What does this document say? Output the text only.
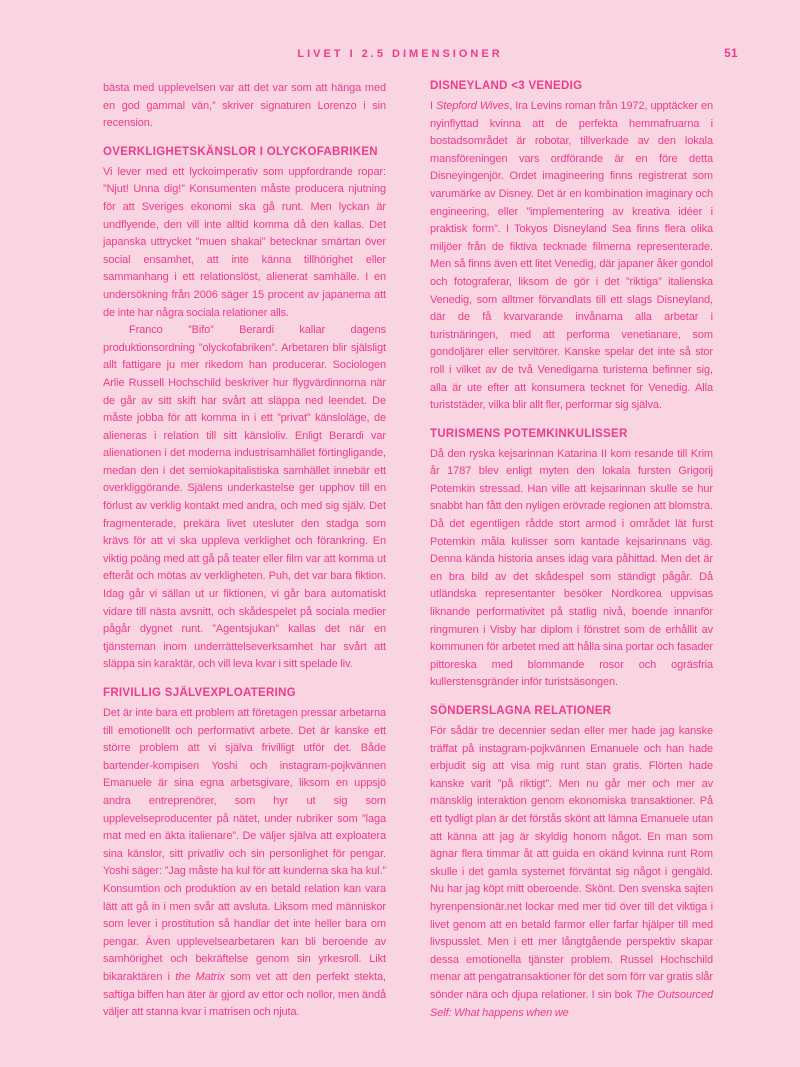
LIVET I 2.5 DIMENSIONER	51

bästa med upplevelsen var att det var som att hänga med en god gammal vän,” skriver signaturen Lorenzo i sin recension.

OVERKLIGHETSKÄNSLOR I OLYCKOFABRIKEN

Vi lever med ett lyckoimperativ som uppfordrande ropar: ”Njut! Unna dig!” Konsumenten måste producera njutning för att Sveriges ekonomi ska gå runt. Men lyckan är undflyende, den vill inte alltid komma då den kallas. Det japanska uttrycket ”muen shakai” betecknar smärtan över social ensamhet, att inte känna tillhörighet eller sammanhang i ett relationslöst, alienerat samhälle. I en undersökning från 2006 säger 15 procent av japanerna att de inte har några sociala relationer alls.

Franco ”Bifo” Berardi kallar dagens produktionsordning ”olyckofabriken”. Arbetaren blir själsligt allt fattigare ju mer rikedom han producerar. Sociologen Arlie Russell Hochschild beskriver hur flygvärdinnorna när de går av sitt skift har svårt att släppa ned leendet. De måste jobba för att komma in i ett ”privat” känsloläge, de alieneras i relation till sitt känsloliv. Enligt Berardi var alienationen i det moderna industrisamhället förtingligande, medan den i det semiokapitalistiska samhället innebär ett overkliggörande. Själens underkastelse ger upphov till en förlust av verklig kontakt med andra, och med sig själv. Det fragmenterade, prekära livet utesluter den stadga som krävs för att vi ska uppleva verklighet och förankring. En viktig poäng med att gå på teater eller film var att komma ut efteråt och mötas av verkligheten. Puh, det var bara fiktion. Idag går vi sällan ut ur fiktionen, vi går bara automatiskt vidare till nästa avsnitt, och skådespelet på sociala medier pågår dygnet runt. ”Agentsjukan” kallas det när en tjänsteman inom underrättelseverksamhet har svårt att släppa sin karaktär, och vill leva kvar i sitt spelade liv.

FRIVILLIG SJÄLVEXPLOATERING

Det är inte bara ett problem att företagen pressar arbetarna till emotionellt och performativt arbete. Det är kanske ett större problem att vi själva frivilligt utför det. Både bartender-kompisen Yoshi och instagram-pojkvännen Emanuele är sina egna arbetsgivare, liksom en uppsjö andra entreprenörer, som hyr ut sig som upplevelseproducenter på nätet, under rubriker som ”laga mat med en äkta italienare”. De väljer själva att exploatera sina känslor, sitt privatliv och sin personlighet för pengar. Yoshi säger: ”Jag måste ha kul för att kunderna ska ha kul.” Konsumtion och produktion av en betald relation kan vara lätt att gå in i men svår att avsluta. Liksom med människor som lever i prostitution så handlar det inte heller bara om pengar. Även upplevelsearbetaren kan bli beroende av samhörighet och bekräftelse genom sin yrkesroll. Likt bikaraktären i the Matrix som vet att den perfekt stekta, saftiga biffen han äter är gjord av ettor och nollor, men ändå väljer att stanna kvar i matrisen och njuta.

DISNEYLAND <3 VENEDIG

I Stepford Wives, Ira Levins roman från 1972, upptäcker en nyinflyttad kvinna att de perfekta hemmafruarna i bostadsområdet är robotar, tillverkade av den lokala mansföreningen vars ordförande är en före detta Disneyingenjör. Ordet imagineering finns registrerat som varumärke av Disney. Det är en kombination imaginary och engineering, eller ”implementering av kreativa idéer i praktisk form”. I Tokyos Disneyland Sea finns flera olika miljöer från de fiktiva tecknade filmerna representerade. Men så finns även ett litet Venedig, där japaner åker gondol och fotograferar, liksom de gör i det ”riktiga” italienska Venedig, som alltmer förvandlats till ett slags Disneyland, där de få kvarvarande invånarna alla arbetar i turistnäringen, med att performa venetianare, som gondoljärer eller servitörer. Kanske spelar det inte så stor roll i vilket av de två Venedigarna turisterna befinner sig, alla är ute efter att konsumera tecknet för Venedig. Alla turiststäder, vilka blir allt fler, performar sig själva.

TURISMENS POTEMKINKULISSER

Då den ryska kejsarinnan Katarina II kom resande till Krim år 1787 blev enligt myten den lokala fursten Grigorij Potemkin stressad. Han ville att kejsarinnan skulle se hur snabbt han fått den nyligen erövrade regionen att blomstra. Då det egentligen rådde stort armod i området lät furst Potemkin måla kulisser som kantade kejsarinnans väg. Denna kända historia anses idag vara påhittad. Men det är en bra bild av det skådespel som ständigt pågår. Då utländska representanter besöker Nordkorea uppvisas liknande performativitet på statlig nivå, boende innanför ringmuren i Visby har diplom i fönstret som de erhållit av kommunen för arbetet med att hålla sina portar och fasader pittoreska med blommande rosor och ogräsfria kullerstensgränder inför turistsäsongen.

SÖNDERSLAGNA RELATIONER

För sådär tre decennier sedan eller mer hade jag kanske träffat på instagram-pojkvännen Emanuele och han hade erbjudit sig att visa mig runt stan gratis. Flörten hade kanske varit ”på riktigt”. Men nu går mer och mer av mänsklig interaktion genom ekonomiska transaktioner. På ett tydligt plan är det förstås skönt att lämna Emanuele utan att känna att jag är skyldig honom något. En man som ägnar flera timmar åt att guida en okänd kvinna runt Rom skulle i det gamla systemet förväntat sig något i gengäld. Nu har jag köpt mitt oberoende. Skönt. Den svenska sajten hyrenpensionär.net lockar med mer tid över till det viktiga i livet genom att en betald farmor eller farfar hjälper till med livspusslet. Men i ett mer långtgående perspektiv skapar dessa emotionella tjänster problem. Russel Hochschild menar att pengatransaktioner för det som förr var gratis slår sönder nära och djupa relationer. I sin bok The Outsourced Self: What happens when we
